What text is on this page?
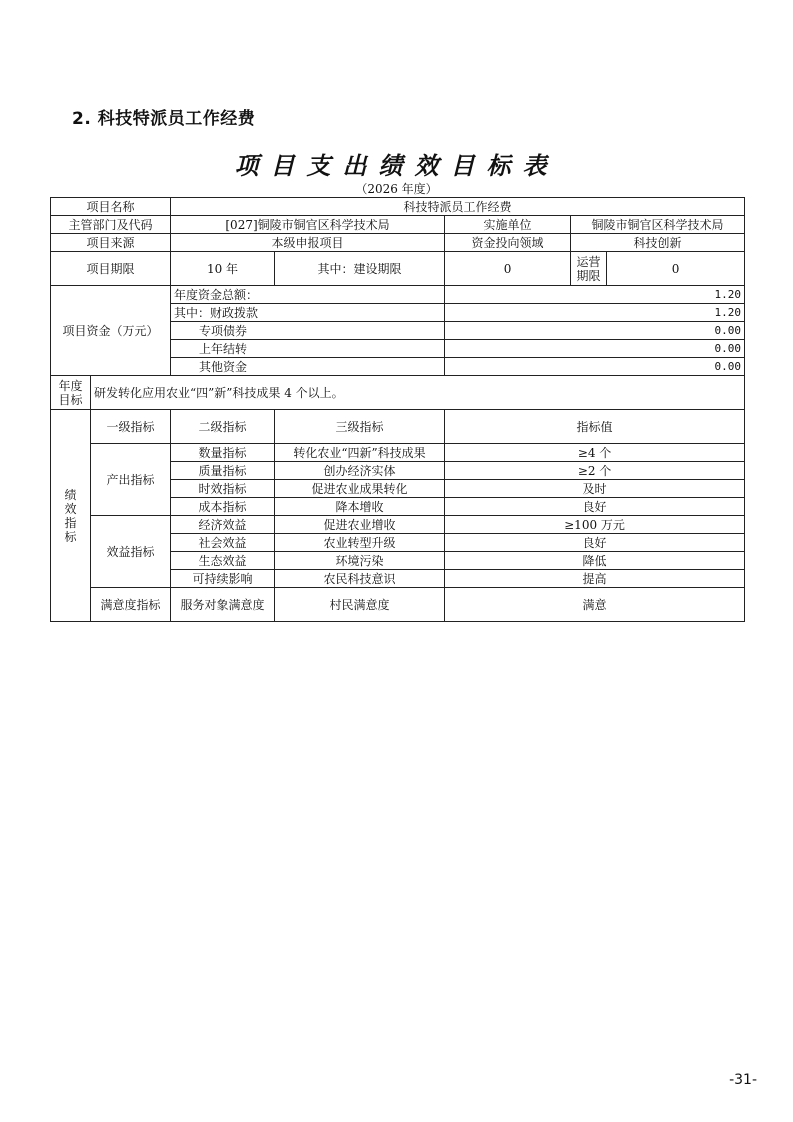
2. 科技特派员工作经费
项目支出绩效目标表
（2026 年度）
项目名称		科技特派员工作经费				
主管部门及代码		[027]铜陵市铜官区科学技术局		实施单位	铜陵市铜官区科学技术局	
项目来源		本级申报项目		资金投向领域	科技创新	
项目期限		10 年	其中：建设期限	0	运营期限	0
项目资金（万元）		年度资金总额：		1.20		
		其中：财政拨款		1.20		
		专项债券		0.00		
		上年结转		0.00		
		其他资金		0.00		
年度目标	研发转化应用农业“四”新”科技成果 4 个以上。					
绩效指标	一级指标	二级指标	三级指标	指标值		
	产出指标	数量指标	转化农业“四新”科技成果	≥4 个		
		质量指标	创办经济实体	≥2 个		
		时效指标	促进农业成果转化	及时		
		成本指标	降本增收	良好		
	效益指标	经济效益	促进农业增收	≥100 万元		
		社会效益	农业转型升级	良好		
		生态效益	环境污染	降低		
		可持续影响	农民科技意识	提高		
	满意度指标	服务对象满意度	村民满意度	满意		
-31-
